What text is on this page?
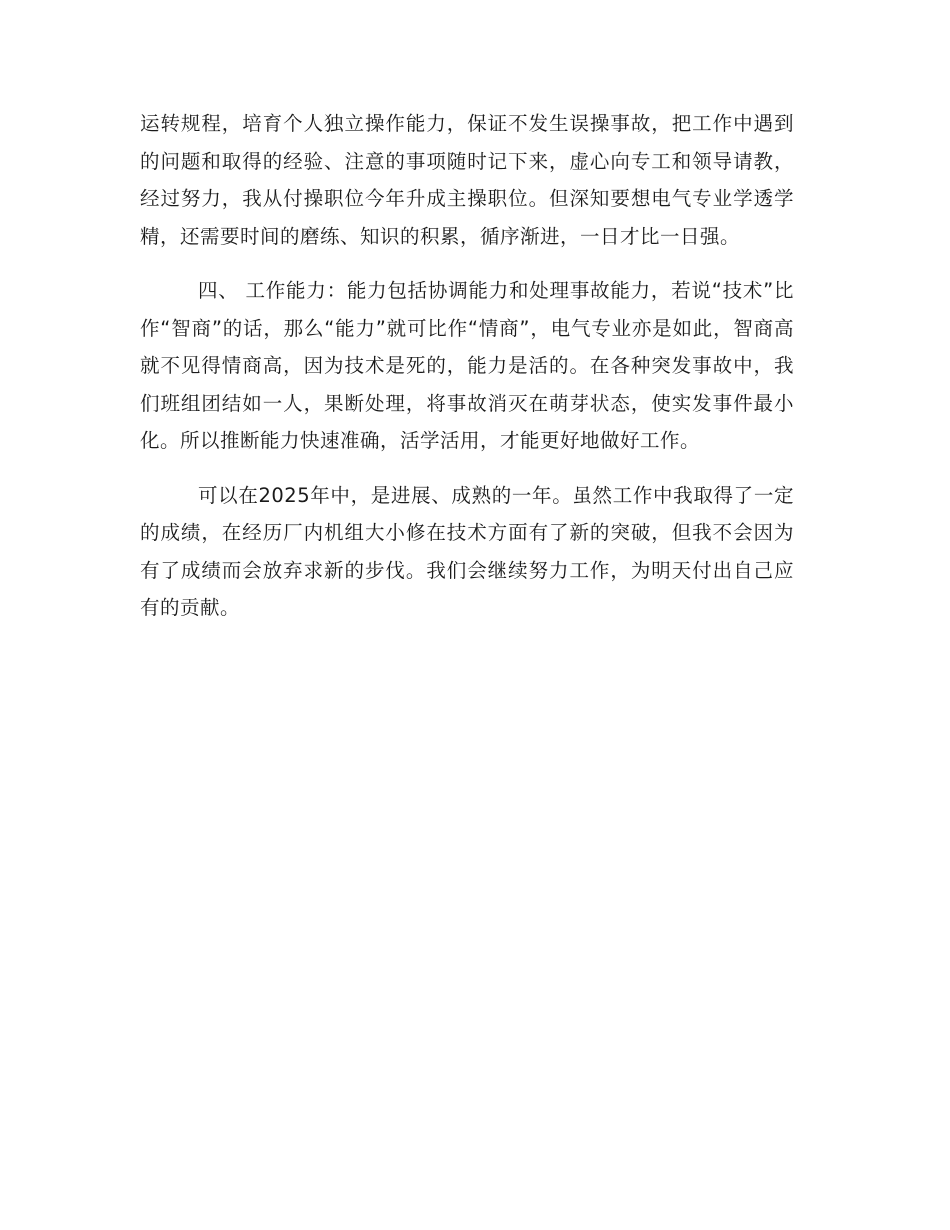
运转规程，培育个人独立操作能力，保证不发生误操事故，把工作中遇到的问题和取得的经验、注意的事项随时记下来，虚心向专工和领导请教，经过努力，我从付操职位今年升成主操职位。但深知要想电气专业学透学精，还需要时间的磨练、知识的积累，循序渐进，一日才比一日强。

四、 工作能力：能力包括协调能力和处理事故能力，若说“技术”比作“智商”的话，那么“能力”就可比作“情商”，电气专业亦是如此，智商高就不见得情商高，因为技术是死的，能力是活的。在各种突发事故中，我们班组团结如一人，果断处理，将事故消灭在萌芽状态，使实发事件最小化。所以推断能力快速准确，活学活用，才能更好地做好工作。

可以在2025年中，是进展、成熟的一年。虽然工作中我取得了一定的成绩，在经历厂内机组大小修在技术方面有了新的突破，但我不会因为有了成绩而会放弃求新的步伐。我们会继续努力工作，为明天付出自己应有的贡献。
